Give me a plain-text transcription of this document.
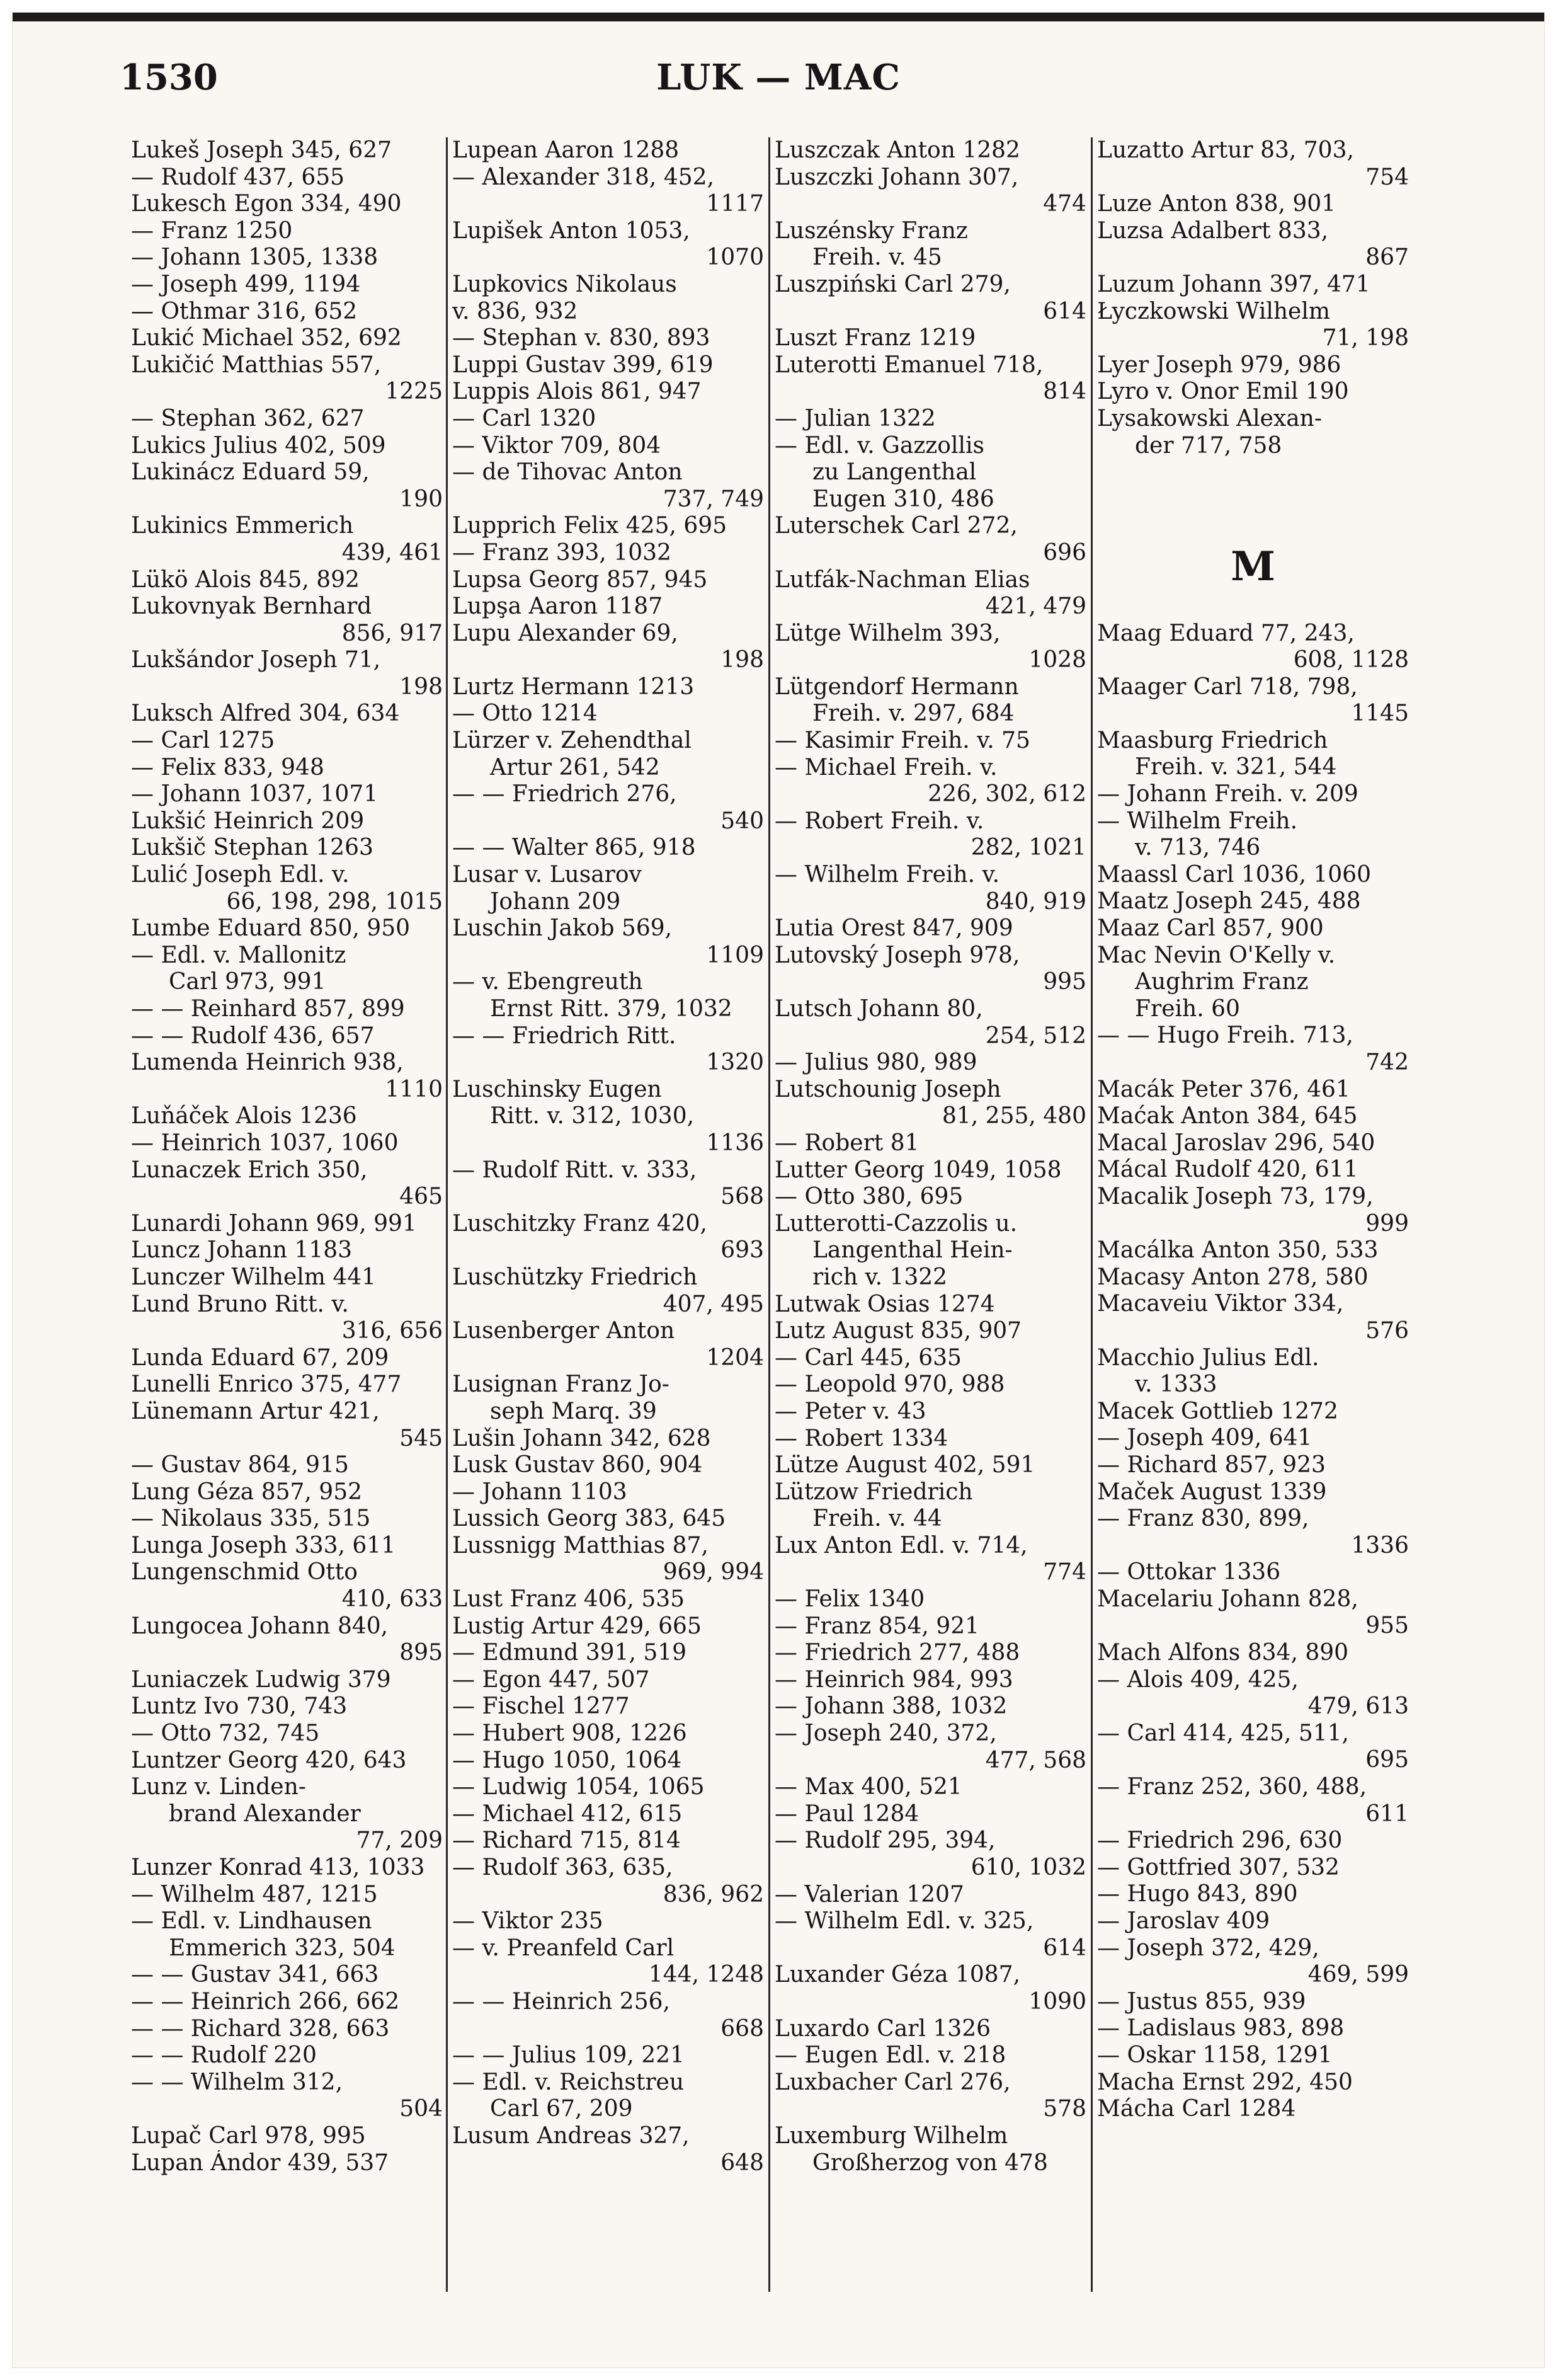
1530	LUK — MAC
Lukeš Joseph 345, 627
— Rudolf 437, 655
Lukesch Egon 334, 490
— Franz 1250
— Johann 1305, 1338
— Joseph 499, 1194
— Othmar 316, 652
Lukić Michael 352, 692
Lukičić Matthias 557,
1225
— Stephan 362, 627
Lukics Julius 402, 509
Lukinácz Eduard 59,
190
Lukinics Emmerich
439, 461
Lükö Alois 845, 892
Lukovnyak Bernhard
856, 917
Lukšándor Joseph 71,
198
Luksch Alfred 304, 634
— Carl 1275
— Felix 833, 948
— Johann 1037, 1071
Lukšić Heinrich 209
Lukšič Stephan 1263
Lulić Joseph Edl. v.
66, 198, 298, 1015
Lumbe Eduard 850, 950
— Edl. v. Mallonitz
Carl 973, 991
— — Reinhard 857, 899
— — Rudolf 436, 657
Lumenda Heinrich 938,
1110
Luňáček Alois 1236
— Heinrich 1037, 1060
Lunaczek Erich 350,
465
Lunardi Johann 969, 991
Luncz Johann 1183
Lunczer Wilhelm 441
Lund Bruno Ritt. v.
316, 656
Lunda Eduard 67, 209
Lunelli Enrico 375, 477
Lünemann Artur 421,
545
— Gustav 864, 915
Lung Géza 857, 952
— Nikolaus 335, 515
Lunga Joseph 333, 611
Lungenschmid Otto
410, 633
Lungocea Johann 840,
895
Luniaczek Ludwig 379
Luntz Ivo 730, 743
— Otto 732, 745
Luntzer Georg 420, 643
Lunz v. Linden-
brand Alexander
77, 209
Lunzer Konrad 413, 1033
— Wilhelm 487, 1215
— Edl. v. Lindhausen
Emmerich 323, 504
— — Gustav 341, 663
— — Heinrich 266, 662
— — Richard 328, 663
— — Rudolf 220
— — Wilhelm 312,
504
Lupač Carl 978, 995
Lupan Ándor 439, 537
Lupean Aaron 1288
— Alexander 318, 452,
1117
Lupišek Anton 1053,
1070
Lupkovics Nikolaus
v. 836, 932
— Stephan v. 830, 893
Luppi Gustav 399, 619
Luppis Alois 861, 947
— Carl 1320
— Viktor 709, 804
— de Tihovac Anton
737, 749
Lupprich Felix 425, 695
— Franz 393, 1032
Lupsa Georg 857, 945
Lupşa Aaron 1187
Lupu Alexander 69,
198
Lurtz Hermann 1213
— Otto 1214
Lürzer v. Zehendthal
Artur 261, 542
— — Friedrich 276,
540
— — Walter 865, 918
Lusar v. Lusarov
Johann 209
Luschin Jakob 569,
1109
— v. Ebengreuth
Ernst Ritt. 379, 1032
— — Friedrich Ritt.
1320
Luschinsky Eugen
Ritt. v. 312, 1030,
1136
— Rudolf Ritt. v. 333,
568
Luschitzky Franz 420,
693
Luschützky Friedrich
407, 495
Lusenberger Anton
1204
Lusignan Franz Jo-
seph Marq. 39
Lušin Johann 342, 628
Lusk Gustav 860, 904
— Johann 1103
Lussich Georg 383, 645
Lussnigg Matthias 87,
969, 994
Lust Franz 406, 535
Lustig Artur 429, 665
— Edmund 391, 519
— Egon 447, 507
— Fischel 1277
— Hubert 908, 1226
— Hugo 1050, 1064
— Ludwig 1054, 1065
— Michael 412, 615
— Richard 715, 814
— Rudolf 363, 635,
836, 962
— Viktor 235
— v. Preanfeld Carl
144, 1248
— — Heinrich 256,
668
— — Julius 109, 221
— Edl. v. Reichstreu
Carl 67, 209
Lusum Andreas 327,
648
Luszczak Anton 1282
Luszczki Johann 307,
474
Luszénsky Franz
Freih. v. 45
Luszpiński Carl 279,
614
Luszt Franz 1219
Luterotti Emanuel 718,
814
— Julian 1322
— Edl. v. Gazzollis
zu Langenthal
Eugen 310, 486
Luterschek Carl 272,
696
Lutfák-Nachman Elias
421, 479
Lütge Wilhelm 393,
1028
Lütgendorf Hermann
Freih. v. 297, 684
— Kasimir Freih. v. 75
— Michael Freih. v.
226, 302, 612
— Robert Freih. v.
282, 1021
— Wilhelm Freih. v.
840, 919
Lutia Orest 847, 909
Lutovský Joseph 978,
995
Lutsch Johann 80,
254, 512
— Julius 980, 989
Lutschounig Joseph
81, 255, 480
— Robert 81
Lutter Georg 1049, 1058
— Otto 380, 695
Lutterotti-Cazzolis u.
Langenthal Hein-
rich v. 1322
Lutwak Osias 1274
Lutz August 835, 907
— Carl 445, 635
— Leopold 970, 988
— Peter v. 43
— Robert 1334
Lütze August 402, 591
Lützow Friedrich
Freih. v. 44
Lux Anton Edl. v. 714,
774
— Felix 1340
— Franz 854, 921
— Friedrich 277, 488
— Heinrich 984, 993
— Johann 388, 1032
— Joseph 240, 372,
477, 568
— Max 400, 521
— Paul 1284
— Rudolf 295, 394,
610, 1032
— Valerian 1207
— Wilhelm Edl. v. 325,
614
Luxander Géza 1087,
1090
Luxardo Carl 1326
— Eugen Edl. v. 218
Luxbacher Carl 276,
578
Luxemburg Wilhelm
Großherzog von 478
Luzatto Artur 83, 703,
754
Luze Anton 838, 901
Luzsa Adalbert 833,
867
Luzum Johann 397, 471
Łyczkowski Wilhelm
71, 198
Lyer Joseph 979, 986
Lyro v. Onor Emil 190
Lysakowski Alexan-
der 717, 758
M
Maag Eduard 77, 243,
608, 1128
Maager Carl 718, 798,
1145
Maasburg Friedrich
Freih. v. 321, 544
— Johann Freih. v. 209
— Wilhelm Freih.
v. 713, 746
Maassl Carl 1036, 1060
Maatz Joseph 245, 488
Maaz Carl 857, 900
Mac Nevin O'Kelly v.
Aughrim Franz
Freih. 60
— — Hugo Freih. 713,
742
Macák Peter 376, 461
Maćak Anton 384, 645
Macal Jaroslav 296, 540
Mácal Rudolf 420, 611
Macalik Joseph 73, 179,
999
Macálka Anton 350, 533
Macasy Anton 278, 580
Macaveiu Viktor 334,
576
Macchio Julius Edl.
v. 1333
Macek Gottlieb 1272
— Joseph 409, 641
— Richard 857, 923
Maček August 1339
— Franz 830, 899,
1336
— Ottokar 1336
Macelariu Johann 828,
955
Mach Alfons 834, 890
— Alois 409, 425,
479, 613
— Carl 414, 425, 511,
695
— Franz 252, 360, 488,
611
— Friedrich 296, 630
— Gottfried 307, 532
— Hugo 843, 890
— Jaroslav 409
— Joseph 372, 429,
469, 599
— Justus 855, 939
— Ladislaus 983, 898
— Oskar 1158, 1291
Macha Ernst 292, 450
Mácha Carl 1284
